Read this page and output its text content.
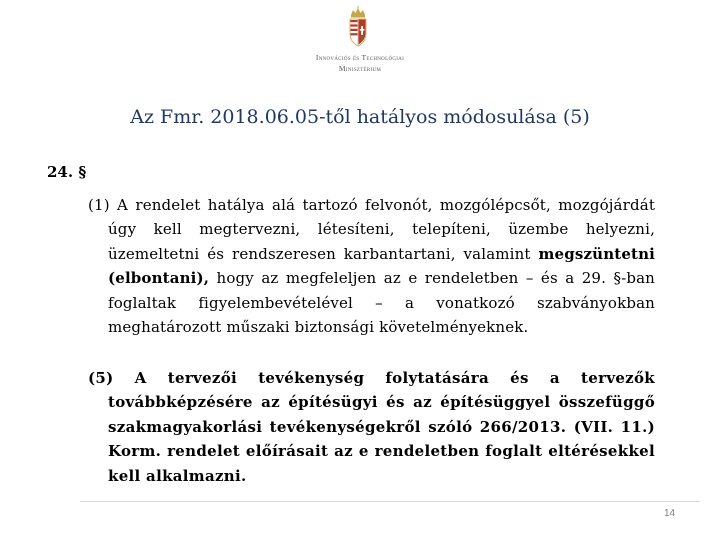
Innovációs és Technológiai
Minisztérium
Az Fmr. 2018.06.05-től hatályos módosulása (5)
24. §
(1) A rendelet hatálya alá tartozó felvonót, mozgólépcsőt, mozgójárdát úgy kell megtervezni, létesíteni, telepíteni, üzembe helyezni, üzemeltetni és rendszeresen karbantartani, valamint megszüntetni (elbontani), hogy az megfeleljen az e rendeletben – és a 29. §-ban foglaltak figyelembevételével – a vonatkozó szabványokban meghatározott műszaki biztonsági követelményeknek.
(5) A tervezői tevékenység folytatására és a tervezők továbbképzésére az építésügyi és az építésüggyel összefüggő szakmagyakorlási tevékenységekről szóló 266/2013. (VII. 11.) Korm. rendelet előírásait az e rendeletben foglalt eltérésekkel kell alkalmazni.
14
